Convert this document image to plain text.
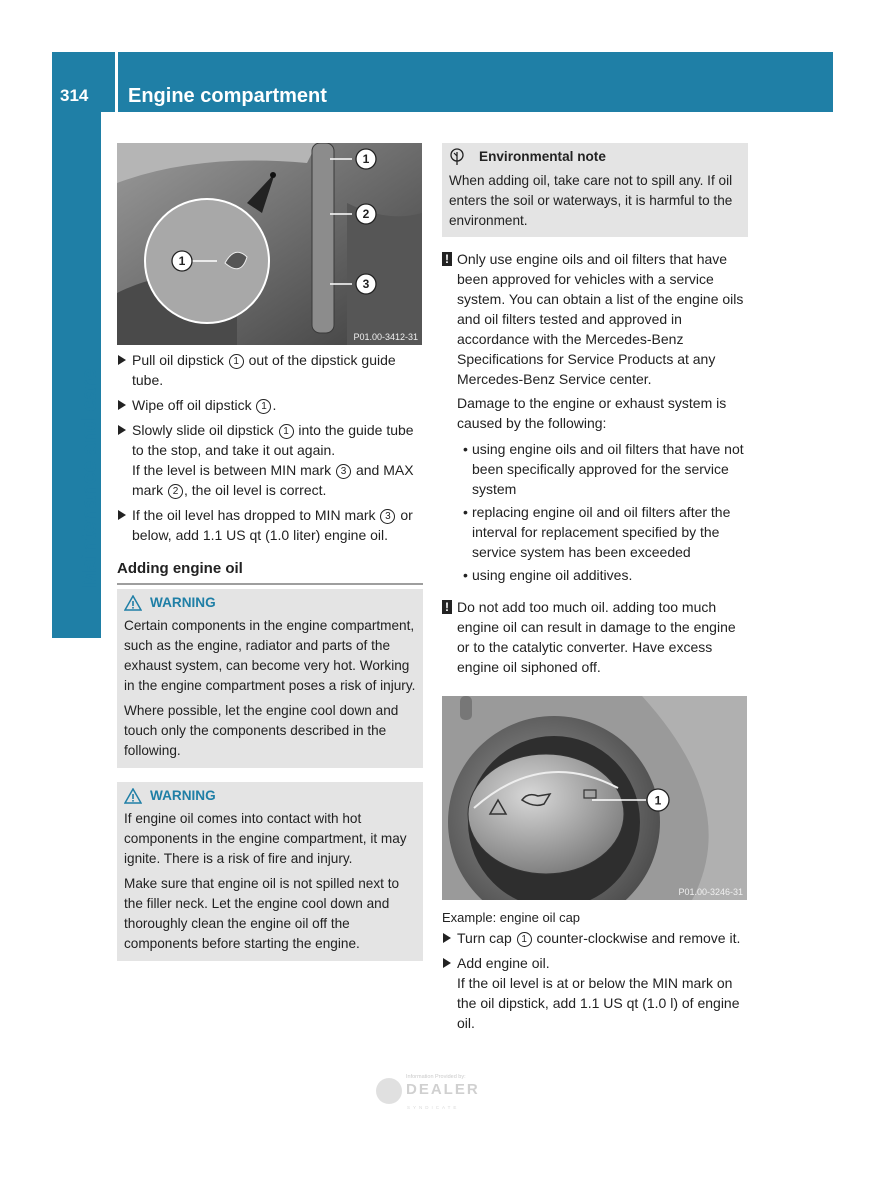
314 Engine compartment
Maintenance and care
1
2
3
1
P01.00-3412-31
Pull oil dipstick 1 out of the dipstick guide tube.
Wipe off oil dipstick 1 .
Slowly slide oil dipstick 1 into the guide tube to the stop, and take it out again.
If the level is between MIN mark 3 and MAX mark 2 , the oil level is correct.
If the oil level has dropped to MIN mark 3 or below, add 1.1 US qt (1.0 liter) engine oil.
Adding engine oil
WARNING

Certain components in the engine compartment, such as the engine, radiator and parts of the exhaust system, can become very hot. Working in the engine compartment poses a risk of injury.

Where possible, let the engine cool down and touch only the components described in the following.

WARNING

If engine oil comes into contact with hot components in the engine compartment, it may ignite. There is a risk of fire and injury.

Make sure that engine oil is not spilled next to the filler neck. Let the engine cool down and thoroughly clean the engine oil off the components before starting the engine.

Environmental note

When adding oil, take care not to spill any. If oil enters the soil or waterways, it is harmful to the environment.

! Only use engine oils and oil filters that have been approved for vehicles with a service system. You can obtain a list of the engine oils and oil filters tested and approved in accordance with the Mercedes-Benz Specifications for Service Products at any Mercedes-Benz Service center.

Damage to the engine or exhaust system is caused by the following:

• using engine oils and oil filters that have not been specifically approved for the service system
• replacing engine oil and oil filters after the interval for replacement specified by the service system has been exceeded
• using engine oil additives.
! Do not add too much oil. adding too much engine oil can result in damage to the engine or to the catalytic converter. Have excess engine oil siphoned off.

1
P01.00-3246-31
Example: engine oil cap
Turn cap 1 counter-clockwise and remove it.
Add engine oil.
If the oil level is at or below the MIN mark on the oil dipstick, add 1.1 US qt (1.0 l) of engine oil.
Information Provided by:
DEALER
SYNDICATE
